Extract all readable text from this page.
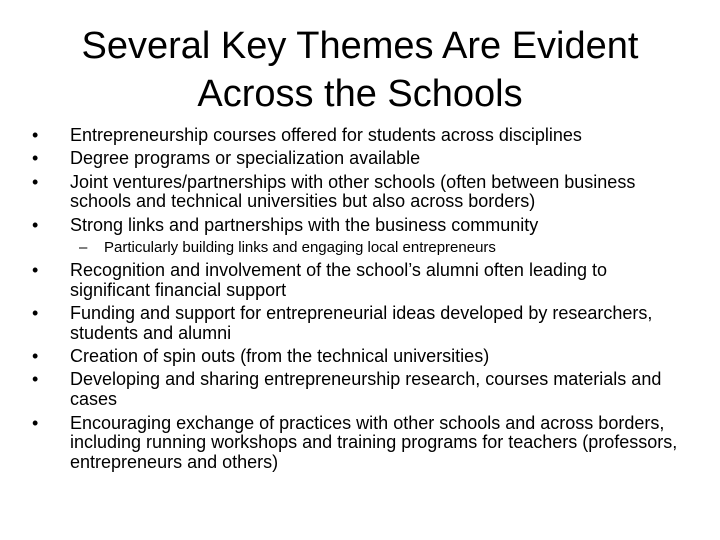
Several Key Themes Are Evident
Across the Schools
• Entrepreneurship courses offered for students across disciplines
• Degree programs or specialization available
• Joint ventures/partnerships with other schools (often between business schools and technical universities but also across borders)
• Strong links and partnerships with the business community
– Particularly building links and engaging local entrepreneurs
• Recognition and involvement of the school’s alumni often leading to significant financial support
• Funding and support for entrepreneurial ideas developed by researchers, students and alumni
• Creation of spin outs (from the technical universities)
• Developing and sharing entrepreneurship research, courses materials and cases
• Encouraging exchange of practices with other schools and across borders, including running workshops and training programs for teachers (professors, entrepreneurs and others)
